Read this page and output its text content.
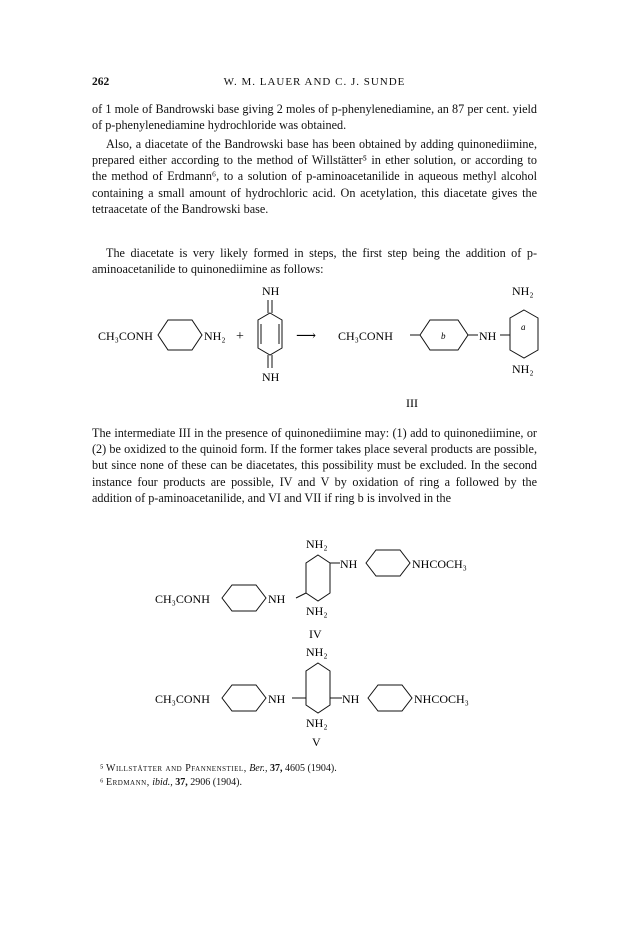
262	W. M. LAUER AND C. J. SUNDE

of 1 mole of Bandrowski base giving 2 moles of p-phenylenediamine, an 87 per cent. yield of p-phenylenediamine hydrochloride was obtained.

Also, a diacetate of the Bandrowski base has been obtained by adding quinonediimine, prepared either according to the method of Willstätter⁵ in ether solution, or according to the method of Erdmann⁶, to a solution of p-aminoacetanilide in aqueous methyl alcohol containing a small amount of hydrochloric acid. On acetylation, this diacetate gives the tetraacetate of the Bandrowski base.

The diacetate is very likely formed in steps, the first step being the addition of p-aminoacetanilide to quinonediimine as follows:

CH₃CONH	NH₂ +
NH
NH
⟶ CH₃CONH	b	NH
a
NH₂
NH₂
III

The intermediate III in the presence of quinonediimine may: (1) add to quinonediimine, or (2) be oxidized to the quinoid form. If the former takes place several products are possible, but since none of these can be diacetates, this possibility must be excluded. In the second instance four products are possible, IV and V by oxidation of ring a followed by the addition of p-aminoacetanilide, and VI and VII if ring b is involved in the

CH₃CONH	NH
NH₂
NH₂
NH	NHCOCH₃
IV
CH₃CONH	NH
NH₂
NH₂
NH	NHCOCH₃
V
⁵ Willstätter and Pfannenstiel, Ber., 37, 4605 (1904).
⁶ Erdmann, ibid., 37, 2906 (1904).
